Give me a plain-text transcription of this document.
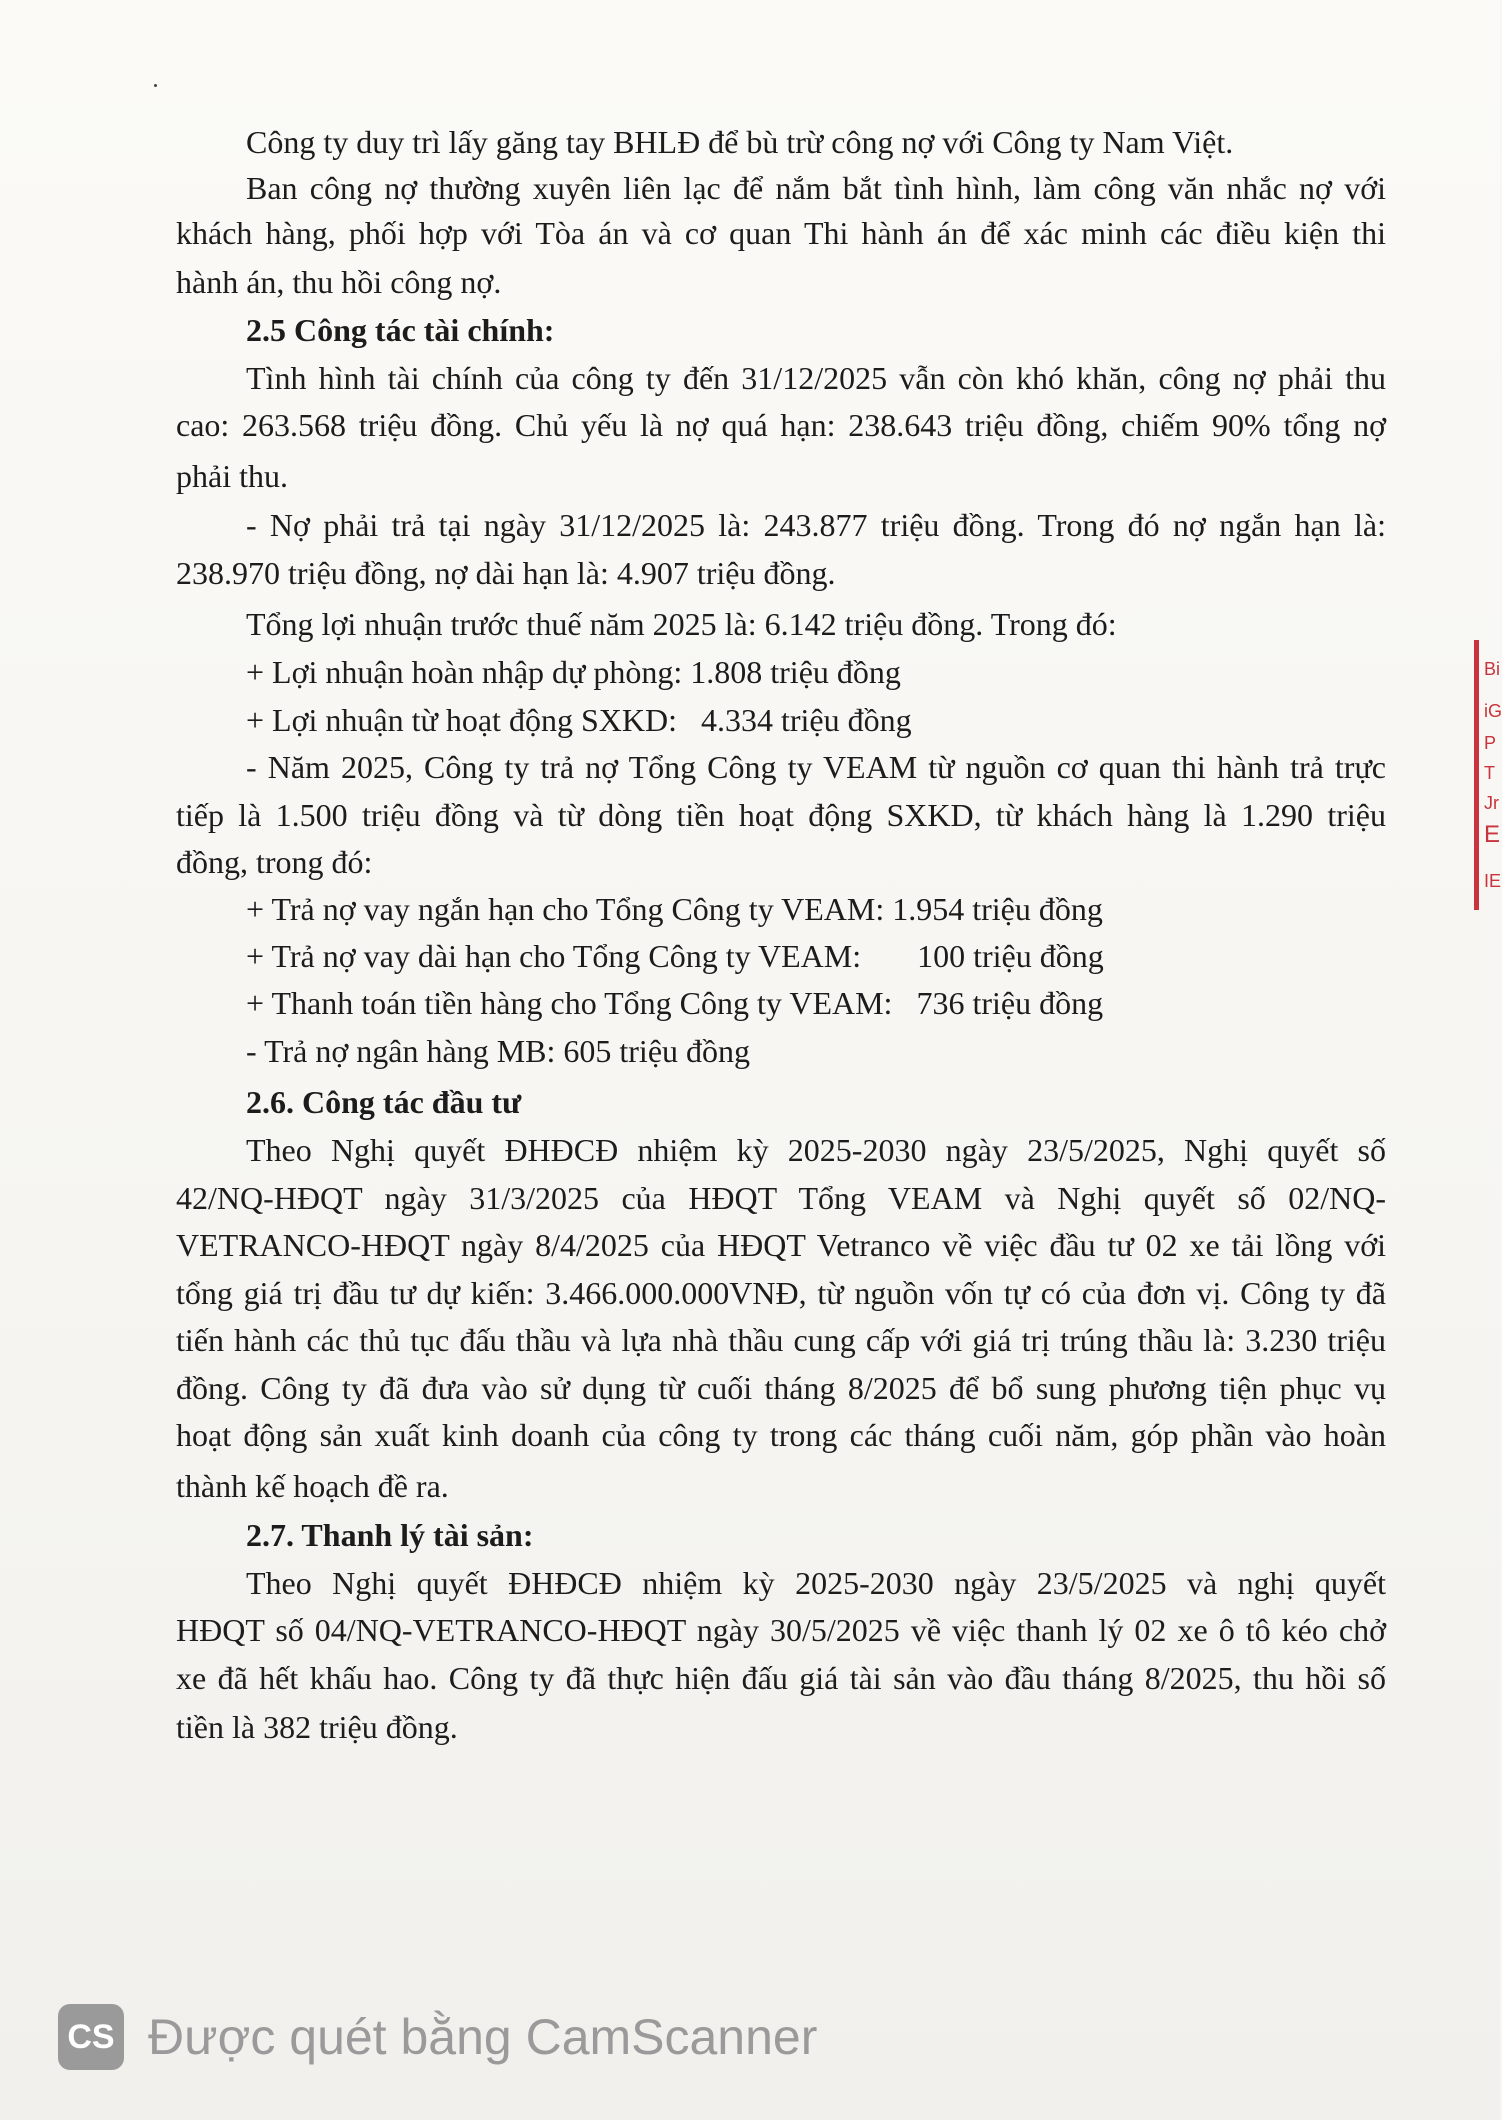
Công ty duy trì lấy găng tay BHLĐ để bù trừ công nợ với Công ty Nam Việt.
Ban công nợ thường xuyên liên lạc để nắm bắt tình hình, làm công văn nhắc nợ với
khách hàng, phối hợp với Tòa án và cơ quan Thi hành án để xác minh các điều kiện thi
hành án, thu hồi công nợ.
2.5 Công tác tài chính:
Tình hình tài chính của công ty đến 31/12/2025 vẫn còn khó khăn, công nợ phải thu
cao: 263.568 triệu đồng. Chủ yếu là nợ quá hạn: 238.643 triệu đồng, chiếm 90% tổng nợ
phải thu.
- Nợ phải trả tại ngày 31/12/2025 là: 243.877 triệu đồng. Trong đó nợ ngắn hạn là:
238.970 triệu đồng, nợ dài hạn là: 4.907 triệu đồng.
Tổng lợi nhuận trước thuế năm 2025 là: 6.142 triệu đồng. Trong đó:
+ Lợi nhuận hoàn nhập dự phòng: 1.808 triệu đồng
+ Lợi nhuận từ hoạt động SXKD:   4.334 triệu đồng
- Năm 2025, Công ty trả nợ Tổng Công ty VEAM từ nguồn cơ quan thi hành trả trực
tiếp là 1.500 triệu đồng và từ dòng tiền hoạt động SXKD, từ khách hàng là 1.290 triệu
đồng, trong đó:
+ Trả nợ vay ngắn hạn cho Tổng Công ty VEAM: 1.954 triệu đồng
+ Trả nợ vay dài hạn cho Tổng Công ty VEAM:       100 triệu đồng
+ Thanh toán tiền hàng cho Tổng Công ty VEAM:   736 triệu đồng
- Trả nợ ngân hàng MB: 605 triệu đồng
2.6. Công tác đầu tư
Theo Nghị quyết ĐHĐCĐ nhiệm kỳ 2025-2030 ngày 23/5/2025, Nghị quyết số
42/NQ-HĐQT ngày 31/3/2025 của HĐQT Tổng VEAM và Nghị quyết số 02/NQ-
VETRANCO-HĐQT ngày 8/4/2025 của HĐQT Vetranco về việc đầu tư 02 xe tải lồng với
tổng giá trị đầu tư dự kiến: 3.466.000.000VNĐ, từ nguồn vốn tự có của đơn vị. Công ty đã
tiến hành các thủ tục đấu thầu và lựa nhà thầu cung cấp với giá trị trúng thầu là: 3.230 triệu
đồng. Công ty đã đưa vào sử dụng từ cuối tháng 8/2025 để bổ sung phương tiện phục vụ
hoạt động sản xuất kinh doanh của công ty trong các tháng cuối năm, góp phần vào hoàn
thành kế hoạch đề ra.
2.7. Thanh lý tài sản:
Theo Nghị quyết ĐHĐCĐ nhiệm kỳ 2025-2030 ngày 23/5/2025 và nghị quyết
HĐQT số 04/NQ-VETRANCO-HĐQT ngày 30/5/2025 về việc thanh lý 02 xe ô tô kéo chở
xe đã hết khấu hao. Công ty đã thực hiện đấu giá tài sản vào đầu tháng 8/2025, thu hồi số
tiền là 382 triệu đồng.
Bi
iG
P
T
Jr
E
IE
CS Được quét bằng CamScanner
